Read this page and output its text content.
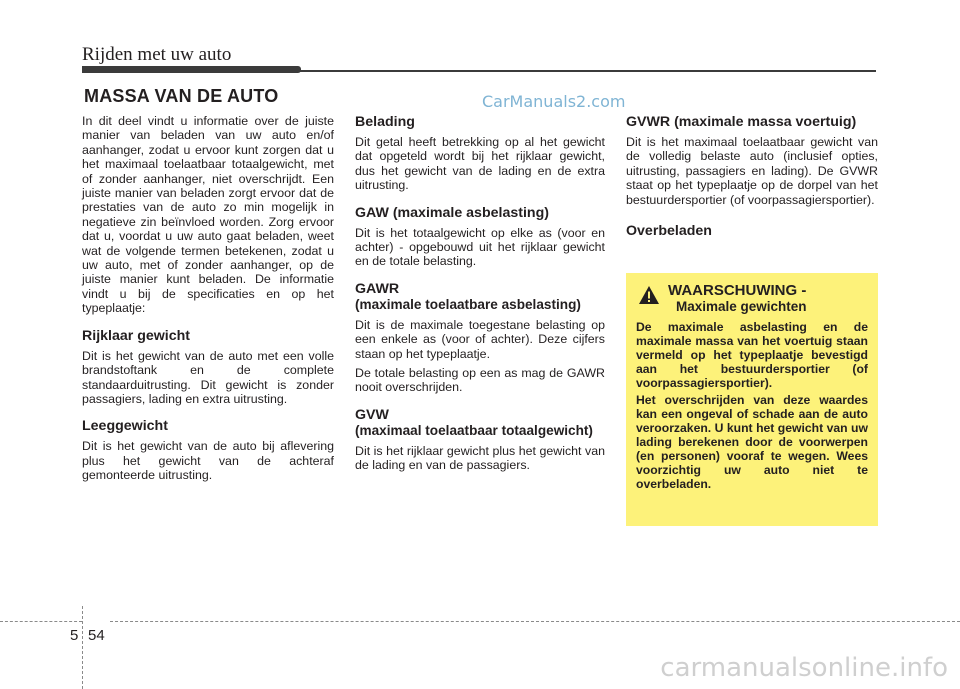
Rijden met uw auto
MASSA VAN DE AUTO	CarManuals2.com

In dit deel vindt u informatie over de juiste manier van beladen van uw auto en/of aanhanger, zodat u ervoor kunt zorgen dat u het maximaal toelaatbaar totaalgewicht, met of zonder aanhanger, niet overschrijdt. Een juiste manier van beladen zorgt ervoor dat de prestaties van de auto zo min mogelijk in negatieve zin beïnvloed worden. Zorg ervoor dat u, voordat u uw auto gaat beladen, weet wat de volgende termen betekenen, zodat u uw auto, met of zonder aanhanger, op de juiste manier kunt beladen. De informatie vindt u bij de specificaties en op het typeplaatje:

Rijklaar gewicht

Dit is het gewicht van de auto met een volle brandstoftank en de complete standaarduitrusting. Dit gewicht is zonder passagiers, lading en extra uitrusting.

Leeggewicht

Dit is het gewicht van de auto bij aflevering plus het gewicht van de achteraf gemonteerde uitrusting.

Belading

Dit getal heeft betrekking op al het gewicht dat opgeteld wordt bij het rijklaar gewicht, dus het gewicht van de lading en de extra uitrusting.

GAW (maximale asbelasting)

Dit is het totaalgewicht op elke as (voor en achter) - opgebouwd uit het rijklaar gewicht en de totale belasting.

GAWR
(maximale toelaatbare asbelasting)

Dit is de maximale toegestane belasting op een enkele as (voor of achter). Deze cijfers staan op het typeplaatje.

De totale belasting op een as mag de GAWR nooit overschrijden.

GVW
(maximaal toelaatbaar totaalgewicht)

Dit is het rijklaar gewicht plus het gewicht van de lading en van de passagiers.

GVWR (maximale massa voertuig)

Dit is het maximaal toelaatbaar gewicht van de volledig belaste auto (inclusief opties, uitrusting, passagiers en lading). De GVWR staat op het typeplaatje op de dorpel van het bestuurdersportier (of voorpassagiersportier).

Overbeladen
WAARSCHUWING -
Maximale gewichten

De maximale asbelasting en de maximale massa van het voertuig staan vermeld op het typeplaatje bevestigd aan het bestuurdersportier (of voorpassagiersportier).

Het overschrijden van deze waardes kan een ongeval of schade aan de auto veroorzaken. U kunt het gewicht van uw lading berekenen door de voorwerpen (en personen) vooraf te wegen. Wees voorzichtig uw auto niet te overbeladen.

5 54
carmanualsonline.info
